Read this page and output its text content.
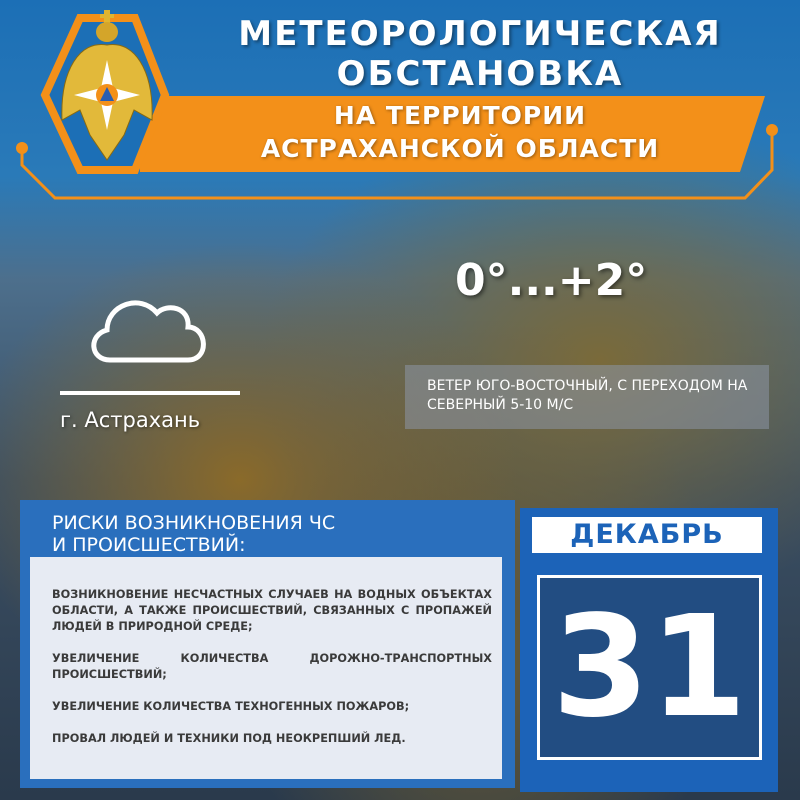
МЕТЕОРОЛОГИЧЕСКАЯ
ОБСТАНОВКА
НА ТЕРРИТОРИИ
АСТРАХАНСКОЙ ОБЛАСТИ
0°...+2°
г. Астрахань
ВЕТЕР ЮГО-ВОСТОЧНЫЙ, С ПЕРЕХОДОМ НА СЕВЕРНЫЙ 5-10 М/С
РИСКИ ВОЗНИКНОВЕНИЯ ЧС
И ПРОИСШЕСТВИЙ:

ВОЗНИКНОВЕНИЕ НЕСЧАСТНЫХ СЛУЧАЕВ НА ВОДНЫХ ОБЪЕКТАХ ОБЛАСТИ, А ТАКЖЕ ПРОИСШЕСТВИЙ, СВЯЗАННЫХ С ПРОПАЖЕЙ ЛЮДЕЙ В ПРИРОДНОЙ СРЕДЕ;

УВЕЛИЧЕНИЕ КОЛИЧЕСТВА ДОРОЖНО-ТРАНСПОРТНЫХ ПРОИСШЕСТВИЙ;

УВЕЛИЧЕНИЕ КОЛИЧЕСТВА ТЕХНОГЕННЫХ ПОЖАРОВ;

ПРОВАЛ ЛЮДЕЙ И ТЕХНИКИ ПОД НЕОКРЕПШИЙ ЛЕД.

ДЕКАБРЬ
31
